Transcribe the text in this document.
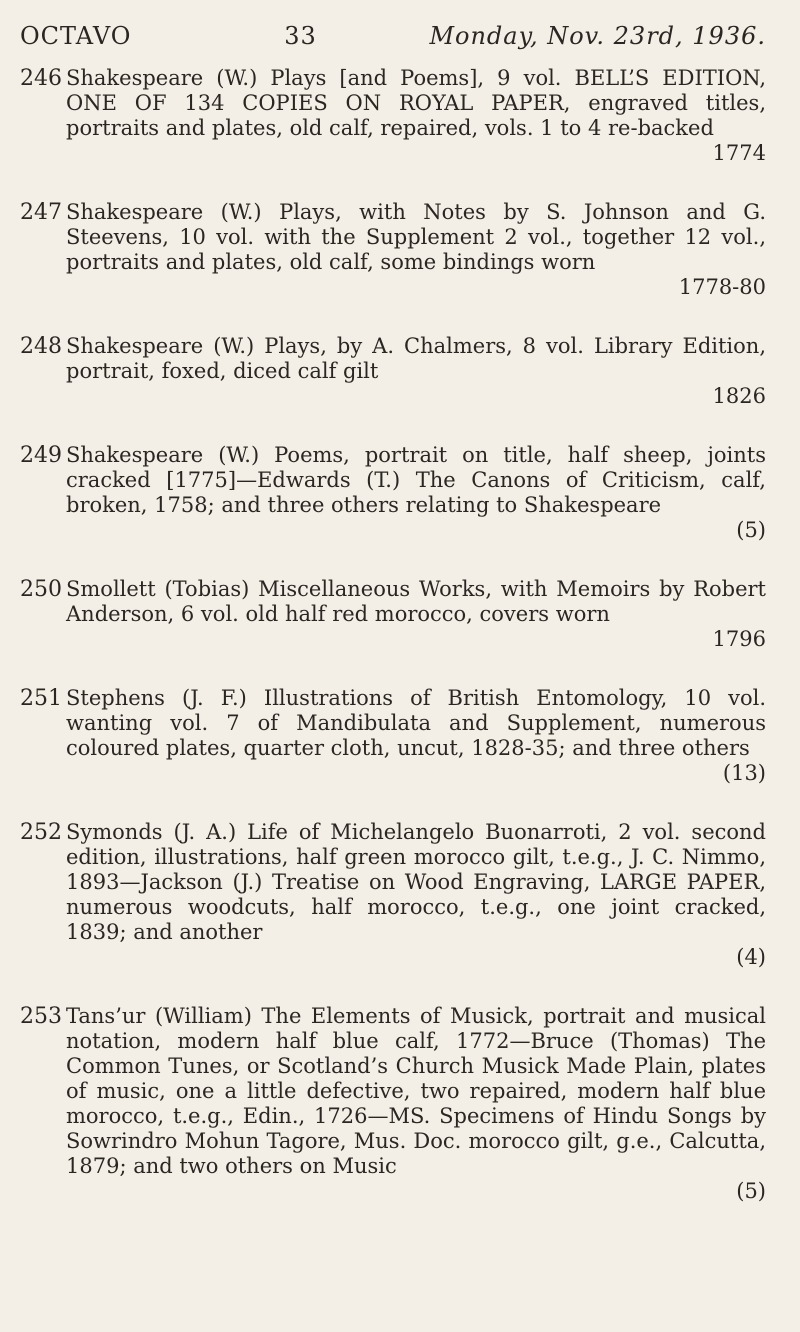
OCTAVO	33	Monday, Nov. 23rd, 1936.
246 Shakespeare (W.) Plays [and Poems], 9 vol. BELL’S EDITION, ONE OF 134 COPIES ON ROYAL PAPER, engraved titles, portraits and plates, old calf, repaired, vols. 1 to 4 re-backed
1774
247 Shakespeare (W.) Plays, with Notes by S. Johnson and G. Steevens, 10 vol. with the Supplement 2 vol., together 12 vol., portraits and plates, old calf, some bindings worn
1778-80
248 Shakespeare (W.) Plays, by A. Chalmers, 8 vol. Library Edition, portrait, foxed, diced calf gilt
1826
249 Shakespeare (W.) Poems, portrait on title, half sheep, joints cracked [1775]—Edwards (T.) The Canons of Criticism, calf, broken, 1758; and three others relating to Shakespeare
(5)
250 Smollett (Tobias) Miscellaneous Works, with Memoirs by Robert Anderson, 6 vol. old half red morocco, covers worn
1796
251 Stephens (J. F.) Illustrations of British Entomology, 10 vol. wanting vol. 7 of Mandibulata and Supplement, numerous coloured plates, quarter cloth, uncut, 1828-35; and three others
(13)
252 Symonds (J. A.) Life of Michelangelo Buonarroti, 2 vol. second edition, illustrations, half green morocco gilt, t.e.g., J. C. Nimmo, 1893—Jackson (J.) Treatise on Wood Engraving, LARGE PAPER, numerous woodcuts, half morocco, t.e.g., one joint cracked, 1839; and another
(4)
253 Tans’ur (William) The Elements of Musick, portrait and musical notation, modern half blue calf, 1772—Bruce (Thomas) The Common Tunes, or Scotland’s Church Musick Made Plain, plates of music, one a little defective, two repaired, modern half blue morocco, t.e.g., Edin., 1726—MS. Specimens of Hindu Songs by Sowrindro Mohun Tagore, Mus. Doc. morocco gilt, g.e., Calcutta, 1879; and two others on Music
(5)
